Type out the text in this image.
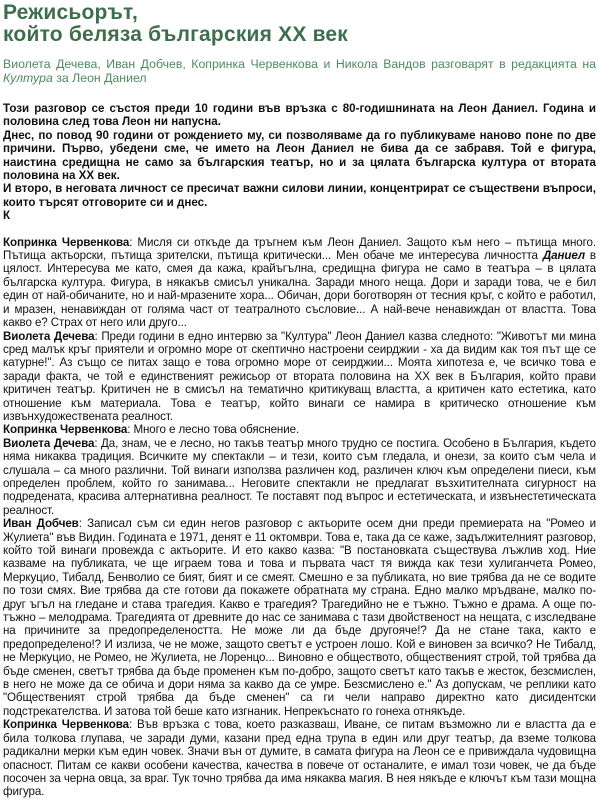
Режисьорът,
който беляза българския ХХ век

Виолета Дечева, Иван Добчев, Копринка Червенкова и Никола Вандов разговарят в редакцията на Култура за Леон Даниел

Този разговор се състоя преди 10 години във връзка с 80-годишнината на Леон Даниел. Година и половина след това Леон ни напусна.

Днес, по повод 90 години от рождението му, си позволяваме да го публикуваме наново поне по две причини. Първо, убедени сме, че името на Леон Даниел не бива да се забравя. Той е фигура, наистина средищна не само за българския театър, но и за цялата българска култура от втората половина на ХХ век.

И второ, в неговата личност се пресичат важни силови линии, концентрират се съществени въпроси, които търсят отговорите си и днес.

К

Копринка Червенкова: Мисля си откъде да тръгнем към Леон Даниел. Защото към него – пътища много. Пътища актьорски, пътища зрителски, пътища критически... Мен обаче ме интересува личността Даниел в цялост. Интересува ме като, смея да кажа, крайъгълна, средищна фигура не само в театъра – в цялата българска култура. Фигура, в някакъв смисъл уникална. Заради много неща. Дори и заради това, че е бил един от най-обичаните, но и най-мразените хора... Обичан, дори боготворян от тесния кръг, с който е работил, и мразен, ненавиждан от голяма част от театралното съсловие... А най-вече ненавиждан от властта. Това какво е? Страх от него или друго...

Виолета Дечева: Преди години в едно интервю за "Култура" Леон Даниел казва следното: "Животът ми мина сред малък кръг приятели и огромно море от скептично настроени сеирджии - ха да видим как тоя път ще се катурне!". Аз също се питах защо е това огромно море от сеирджии... Моята хипотеза е, че всичко това е заради факта, че той е единственият режисьор от втората половина на ХХ век в България, който прави критичен театър. Критичен не в смисъл на тематично критикуващ властта, а критичен като естетика, като отношение към материала. Това е театър, който винаги се намира в критическо отношение към извънхудожествената реалност.

Копринка Червенкова: Много е лесно това обяснение.

Виолета Дечева: Да, знам, че е лесно, но такъв театър много трудно се постига. Особено в България, където няма никаква традиция. Всичките му спектакли – и тези, които съм гледала, и онези, за които съм чела и слушала – са много различни. Той винаги използва различен код, различен ключ към определени пиеси, към определен проблем, който го занимава... Неговите спектакли не предлагат възхитителната сигурност на подредената, красива алтернативна реалност. Те поставят под въпрос и естетическата, и извънестетическата реалност.

Иван Добчев: Записал съм си един негов разговор с актьорите осем дни преди премиерата на "Ромео и Жулиета" във Видин. Годината е 1971, денят е 11 октомври. Това е, така да се каже, задължителният разговор, който той винаги провежда с актьорите. И ето какво казва: "В постановката съществува лъжлив ход. Ние казваме на публиката, че ще играем това и това и първата част тя вижда как тези хулиганчета Ромео, Меркуцио, Тибалд, Бенволио се бият, бият и се смеят. Смешно е за публиката, но вие трябва да не се водите по този смях. Вие трябва да сте готови да покажете обратната му страна. Едно малко мръдване, малко по-друг ъгъл на гледане и става трагедия. Какво е трагедия? Трагедийно не е тъжно. Тъжно е драма. А още по-тъжно – мелодрама. Трагедията от древните до нас се занимава с тази двойственост на нещата, с изследване на причините за предопределеността. Не може ли да бъде другояче!? Да не стане така, както е предопределено!? И излиза, че не може, защото светът е устроен лошо. Кой е виновен за всичко? Не Тибалд, не Меркуцио, не Ромео, не Жулиета, не Лоренцо... Виновно е обществото, общественият строй, той трябва да бъде сменен, светът трябва да бъде променен към по-добро, защото светът като такъв е жесток, безсмислен, в него не може да се обича и дори няма за какво да се умре. Безсмислено е." Аз допускам, че реплики като "Общественият строй трябва да бъде сменен" са ги чели направо директно като дисидентски подстрекателства. И затова той беше като изгнаник. Непрекъснато го гонеха отнякъде.

Копринка Червенкова: Във връзка с това, което разказваш, Иване, се питам възможно ли е властта да е била толкова глупава, че заради думи, казани пред една трупа в един или друг театър, да вземе толкова радикални мерки към един човек. Значи вън от думите, в самата фигура на Леон се е привиждала чудовищна опасност. Питам се какви особени качества, качества в повече от останалите, е имал този човек, че да бъде посочен за черна овца, за враг. Тук точно трябва да има някаква магия. В нея някъде е ключът към тази мощна фигура.
